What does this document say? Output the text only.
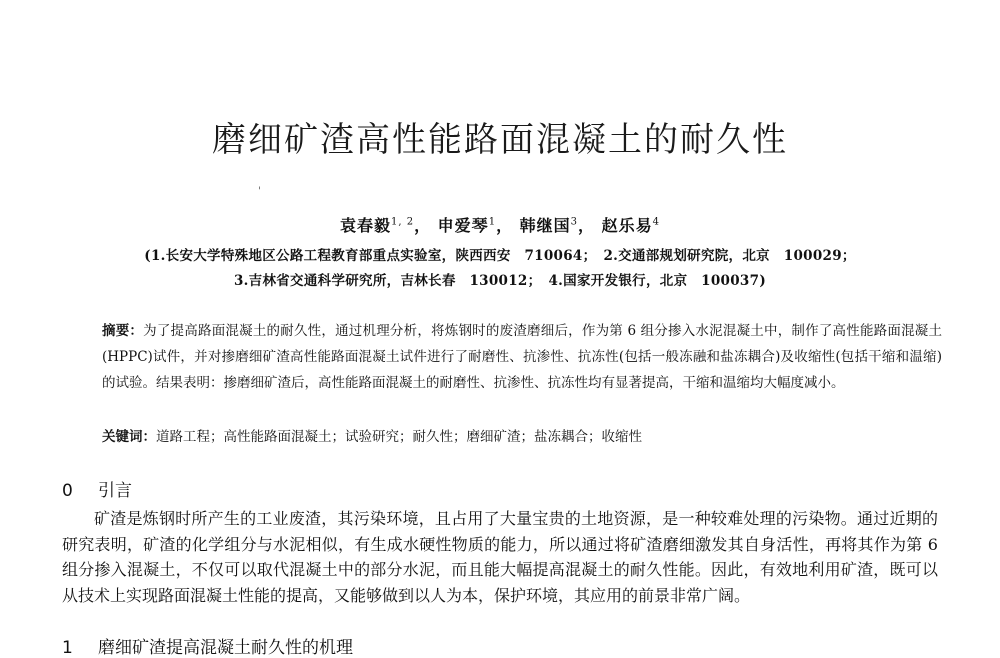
磨细矿渣高性能路面混凝土的耐久性
'
袁春毅$^{1, 2}$， 申爱琴$^1$， 韩继国$^3$， 赵乐易$^4$
(1.长安大学特殊地区公路工程教育部重点实验室，陕西西安　710064；　2.交通部规划研究院，北京　100029；
3.吉林省交通科学研究所，吉林长春　130012；　4.国家开发银行，北京　100037)
摘要：为了提高路面混凝土的耐久性，通过机理分析，将炼钢时的废渣磨细后，作为第 6 组分掺入水泥混凝土中，制作了高性能路面混凝土(HPPC)试件，并对掺磨细矿渣高性能路面混凝土试件进行了耐磨性、抗渗性、抗冻性(包括一般冻融和盐冻耦合)及收缩性(包括干缩和温缩)的试验。结果表明：掺磨细矿渣后，高性能路面混凝土的耐磨性、抗渗性、抗冻性均有显著提高，干缩和温缩均大幅度减小。
关键词：道路工程；高性能路面混凝土；试验研究；耐久性；磨细矿渣；盐冻耦合；收缩性
0 引言

矿渣是炼钢时所产生的工业废渣，其污染环境，且占用了大量宝贵的土地资源，是一种较难处理的污染物。通过近期的研究表明，矿渣的化学组分与水泥相似，有生成水硬性物质的能力，所以通过将矿渣磨细激发其自身活性，再将其作为第 6 组分掺入混凝土，不仅可以取代混凝土中的部分水泥，而且能大幅提高混凝土的耐久性能。因此，有效地利用矿渣，既可以从技术上实现路面混凝土性能的提高，又能够做到以人为本，保护环境，其应用的前景非常广阔。

1 磨细矿渣提高混凝土耐久性的机理
